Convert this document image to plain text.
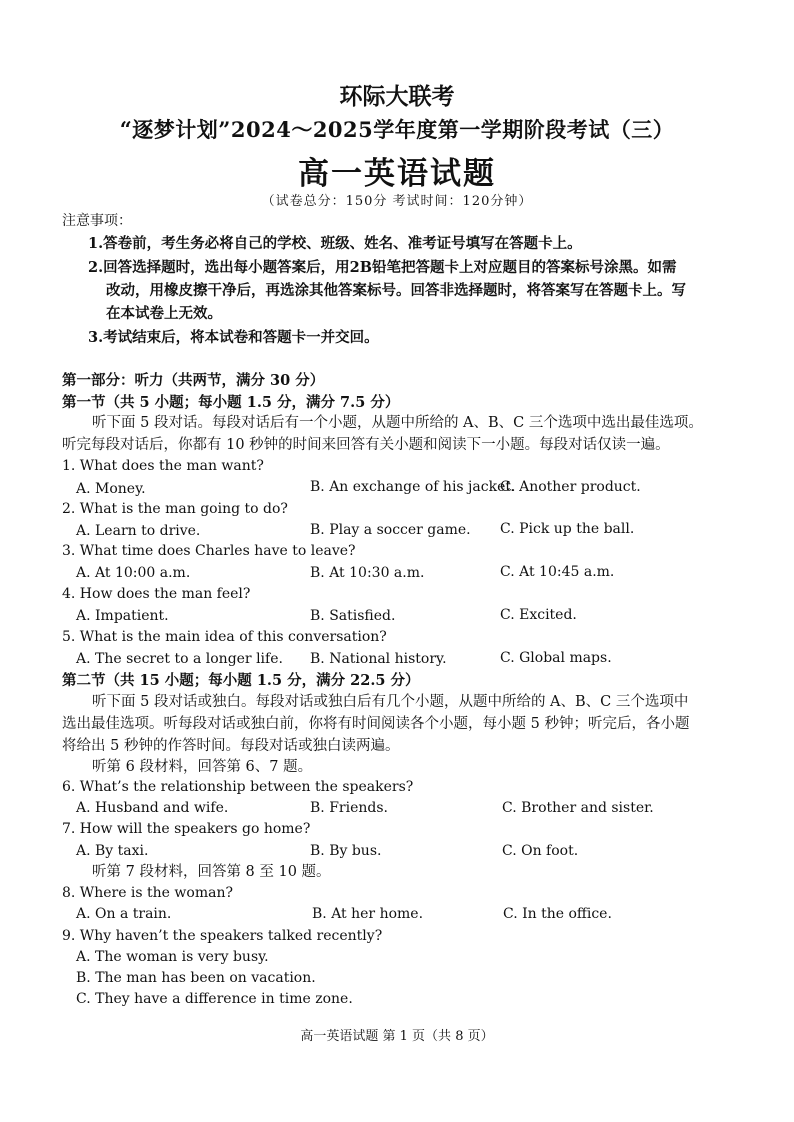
环际大联考
“逐梦计划”2024～2025学年度第一学期阶段考试（三）
高一英语试题
（试卷总分：150分 考试时间：120分钟）
注意事项：
1.答卷前，考生务必将自己的学校、班级、姓名、准考证号填写在答题卡上。
2.回答选择题时，选出每小题答案后，用2B铅笔把答题卡上对应题目的答案标号涂黑。如需
改动，用橡皮擦干净后，再选涂其他答案标号。回答非选择题时，将答案写在答题卡上。写
在本试卷上无效。
3.考试结束后，将本试卷和答题卡一并交回。
第一部分：听力（共两节，满分 30 分）
第一节（共 5 小题；每小题 1.5 分，满分 7.5 分）
听下面 5 段对话。每段对话后有一个小题，从题中所给的 A、B、C 三个选项中选出最佳选项。
听完每段对话后，你都有 10 秒钟的时间来回答有关小题和阅读下一小题。每段对话仅读一遍。
1. What does the man want?
A. Money.	B. An exchange of his jacket.
C. Another product.
2. What is the man going to do?
A. Learn to drive.	B. Play a soccer game. C. Pick up the ball.
3. What time does Charles have to leave?
A. At 10:00 a.m.	B. At 10:30 a.m.	C. At 10:45 a.m.
4. How does the man feel?
A. Impatient.	B. Satisfied.	C. Excited.
5. What is the main idea of this conversation?
A. The secret to a longer life. B. National history.	C. Global maps.
第二节（共 15 小题；每小题 1.5 分，满分 22.5 分）
听下面 5 段对话或独白。每段对话或独白后有几个小题，从题中所给的 A、B、C 三个选项中
选出最佳选项。听每段对话或独白前，你将有时间阅读各个小题，每小题 5 秒钟；听完后，各小题
将给出 5 秒钟的作答时间。每段对话或独白读两遍。
听第 6 段材料，回答第 6、7 题。
6. What’s the relationship between the speakers?
A. Husband and wife.	B. Friends.	C. Brother and sister.
7. How will the speakers go home?
A. By taxi.	B. By bus.	C. On foot.
听第 7 段材料，回答第 8 至 10 题。
8. Where is the woman?
A. On a train.	B. At her home.	C. In the office.
9. Why haven’t the speakers talked recently?
A. The woman is very busy.
B. The man has been on vacation.
C. They have a difference in time zone.
高一英语试题 第 1 页（共 8 页）
